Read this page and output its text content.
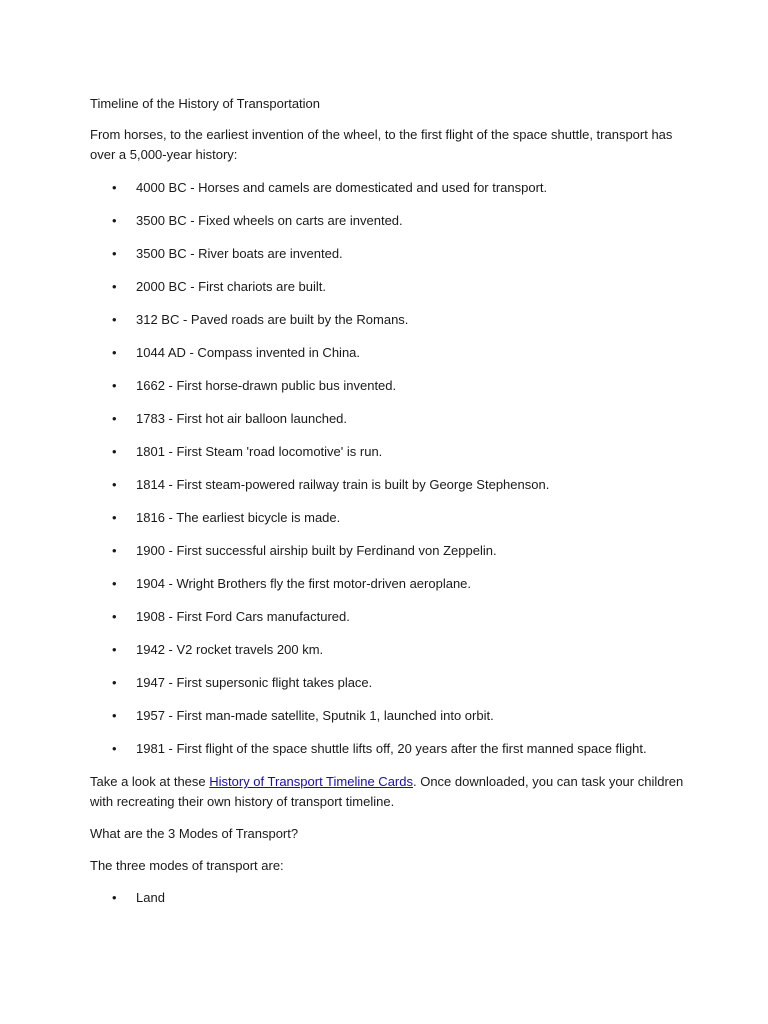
Timeline of the History of Transportation

From horses, to the earliest invention of the wheel, to the first flight of the space shuttle, transport has over a 5,000-year history:

• 4000 BC - Horses and camels are domesticated and used for transport.
• 3500 BC - Fixed wheels on carts are invented.
• 3500 BC - River boats are invented.
• 2000 BC - First chariots are built.
• 312 BC - Paved roads are built by the Romans.
• 1044 AD - Compass invented in China.
• 1662 - First horse-drawn public bus invented.
• 1783 - First hot air balloon launched.
• 1801 - First Steam 'road locomotive' is run.
• 1814 - First steam-powered railway train is built by George Stephenson.
• 1816 - The earliest bicycle is made.
• 1900 - First successful airship built by Ferdinand von Zeppelin.
• 1904 - Wright Brothers fly the first motor-driven aeroplane.
• 1908 - First Ford Cars manufactured.
• 1942 - V2 rocket travels 200 km.
• 1947 - First supersonic flight takes place.
• 1957 - First man-made satellite, Sputnik 1, launched into orbit.
• 1981 - First flight of the space shuttle lifts off, 20 years after the first manned space flight.

Take a look at these History of Transport Timeline Cards. Once downloaded, you can task your children with recreating their own history of transport timeline.

What are the 3 Modes of Transport?

The three modes of transport are:

• Land
